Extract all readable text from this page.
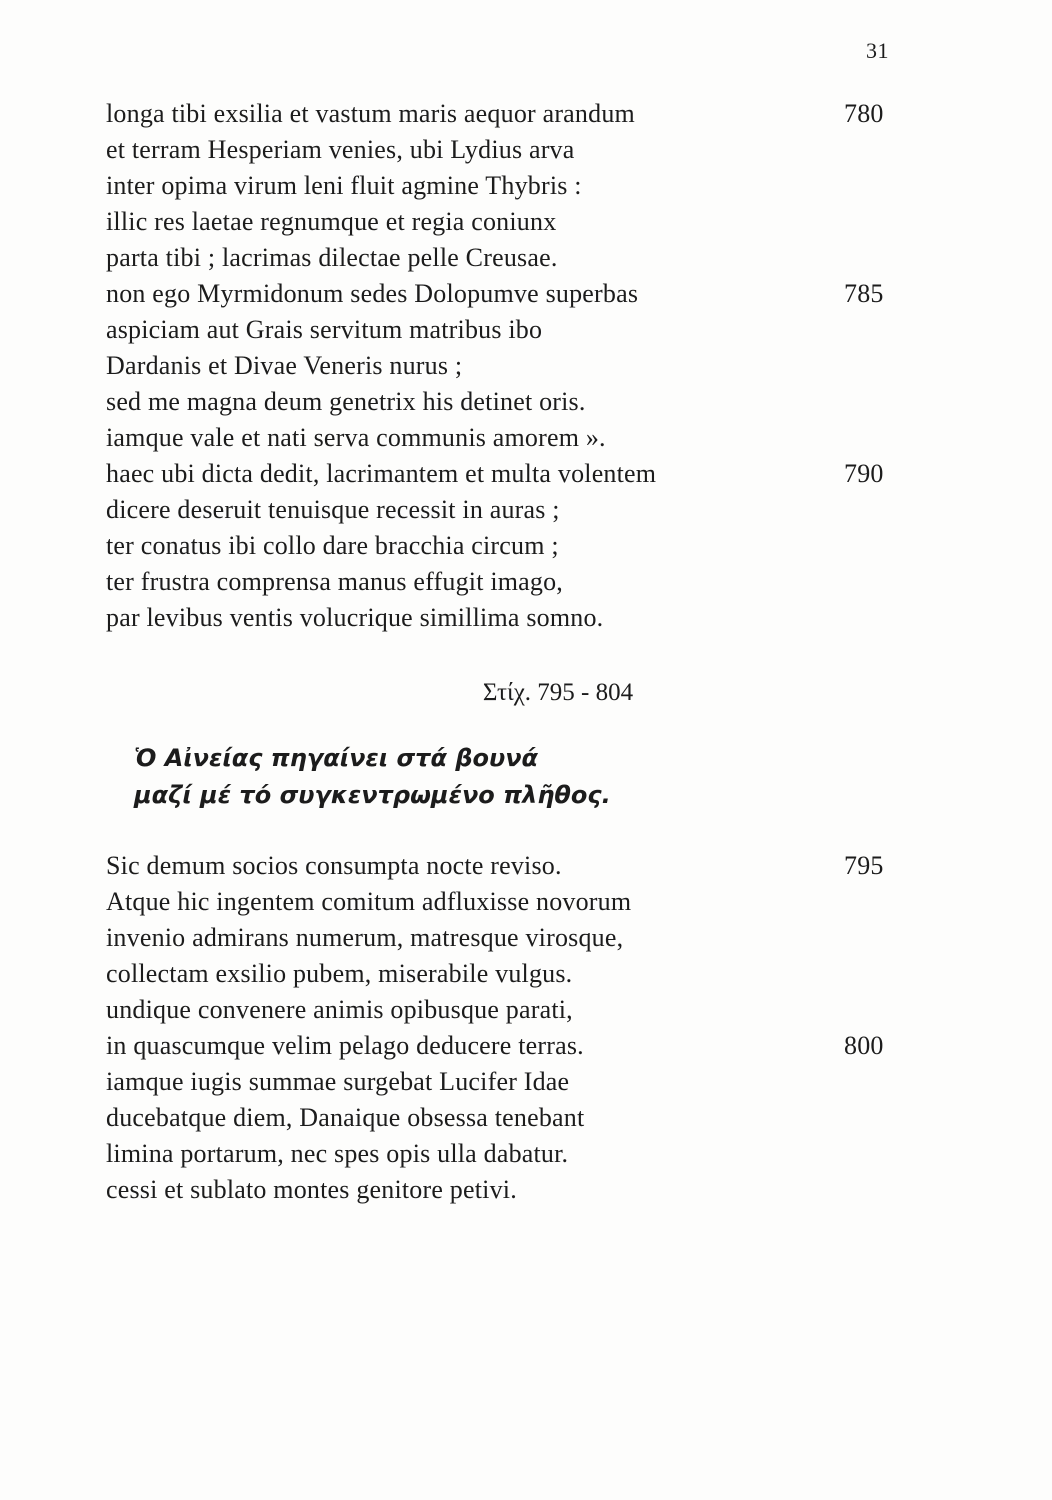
31
longa tibi exsilia et vastum maris aequor arandum	780
et terram Hesperiam venies, ubi Lydius arva
inter opima virum leni fluit agmine Thybris :
illic res laetae regnumque et regia coniunx
parta tibi ; lacrimas dilectae pelle Creusae.
non ego Myrmidonum sedes Dolopumve superbas	785
aspiciam aut Grais servitum matribus ibo
Dardanis et Divae Veneris nurus ;
sed me magna deum genetrix his detinet oris.
iamque vale et nati serva communis amorem ».
haec ubi dicta dedit, lacrimantem et multa volentem	790
dicere deseruit tenuisque recessit in auras ;
ter conatus ibi collo dare bracchia circum ;
ter frustra comprensa manus effugit imago,
par levibus ventis volucrique simillima somno.
Στίχ. 795 - 804
Ὁ Αἰνείας πηγαίνει στά βουνά
μαζί μέ τό συγκεντρωμένο πλῆθος.
Sic demum socios consumpta nocte reviso.	795
Atque hic ingentem comitum adfluxisse novorum
invenio admirans numerum, matresque virosque,
collectam exsilio pubem, miserabile vulgus.
undique convenere animis opibusque parati,
in quascumque velim pelago deducere terras.	800
iamque iugis summae surgebat Lucifer Idae
ducebatque diem, Danaique obsessa tenebant
limina portarum, nec spes opis ulla dabatur.
cessi et sublato montes genitore petivi.
